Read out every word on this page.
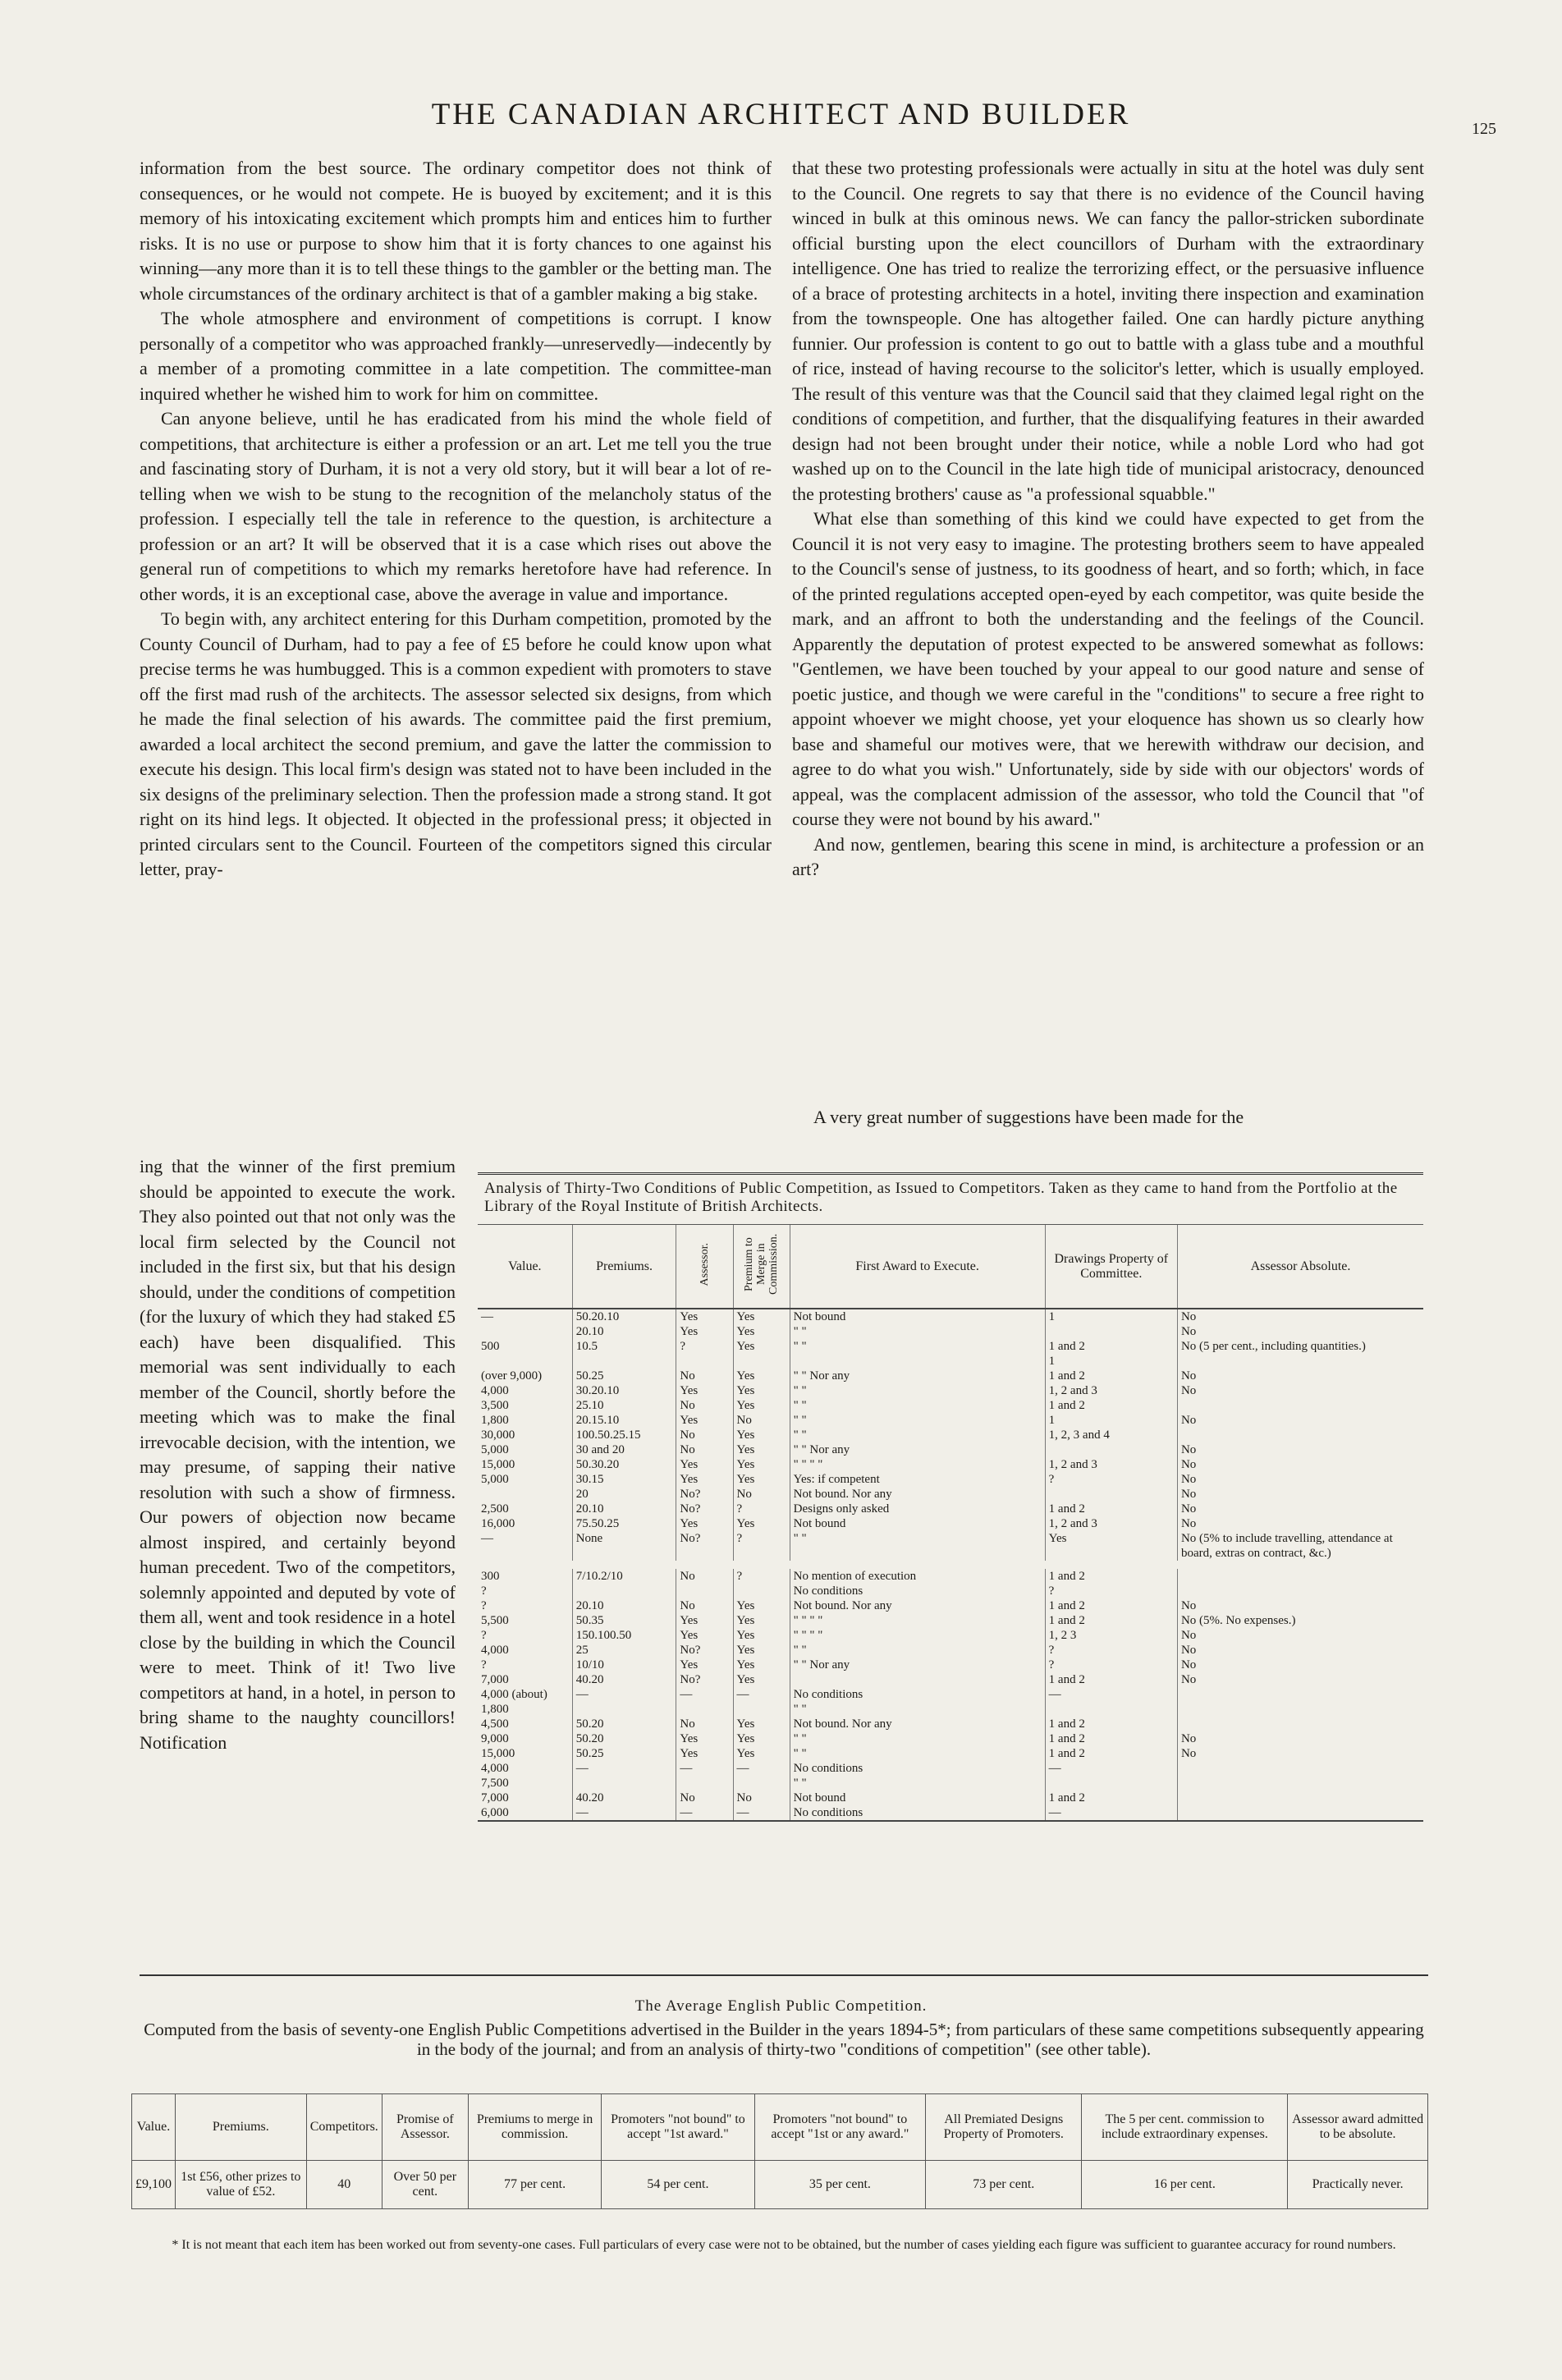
THE CANADIAN ARCHITECT AND BUILDER	125

information from the best source. The ordinary competitor does not think of consequences, or he would not compete. He is buoyed by excitement; and it is this memory of his intoxicating excitement which prompts him and entices him to further risks. It is no use or purpose to show him that it is forty chances to one against his winning—any more than it is to tell these things to the gambler or the betting man. The whole circumstances of the ordinary architect is that of a gambler making a big stake.

The whole atmosphere and environment of competitions is corrupt. I know personally of a competitor who was approached frankly—unreservedly—indecently by a member of a promoting committee in a late competition. The committee-man inquired whether he wished him to work for him on committee.

Can anyone believe, until he has eradicated from his mind the whole field of competitions, that architecture is either a profession or an art. Let me tell you the true and fascinating story of Durham, it is not a very old story, but it will bear a lot of re-telling when we wish to be stung to the recognition of the melancholy status of the profession. I especially tell the tale in reference to the question, is architecture a profession or an art? It will be observed that it is a case which rises out above the general run of competitions to which my remarks heretofore have had reference. In other words, it is an exceptional case, above the average in value and importance.

To begin with, any architect entering for this Durham competition, promoted by the County Council of Durham, had to pay a fee of £5 before he could know upon what precise terms he was humbugged. This is a common expedient with promoters to stave off the first mad rush of the architects. The assessor selected six designs, from which he made the final selection of his awards. The committee paid the first premium, awarded a local architect the second premium, and gave the latter the commission to execute his design. This local firm's design was stated not to have been included in the six designs of the preliminary selection. Then the profession made a strong stand. It got right on its hind legs. It objected. It objected in the professional press; it objected in printed circulars sent to the Council. Fourteen of the competitors signed this circular letter, pray-

ing that the winner of the first premium should be appointed to execute the work. They also pointed out that not only was the local firm selected by the Council not included in the first six, but that his design should, under the conditions of competition (for the luxury of which they had staked £5 each) have been disqualified. This memorial was sent individually to each member of the Council, shortly before the meeting which was to make the final irrevocable decision, with the intention, we may presume, of sapping their native resolution with such a show of firmness. Our powers of objection now became almost inspired, and certainly beyond human precedent. Two of the competitors, solemnly appointed and deputed by vote of them all, went and took residence in a hotel close by the building in which the Council were to meet. Think of it! Two live competitors at hand, in a hotel, in person to bring shame to the naughty councillors! Notification

that these two protesting professionals were actually in situ at the hotel was duly sent to the Council. One regrets to say that there is no evidence of the Council having winced in bulk at this ominous news. We can fancy the pallor-stricken subordinate official bursting upon the elect councillors of Durham with the extraordinary intelligence. One has tried to realize the terrorizing effect, or the persuasive influence of a brace of protesting architects in a hotel, inviting there inspection and examination from the townspeople. One has altogether failed. One can hardly picture anything funnier. Our profession is content to go out to battle with a glass tube and a mouthful of rice, instead of having recourse to the solicitor's letter, which is usually employed. The result of this venture was that the Council said that they claimed legal right on the conditions of competition, and further, that the disqualifying features in their awarded design had not been brought under their notice, while a noble Lord who had got washed up on to the Council in the late high tide of municipal aristocracy, denounced the protesting brothers' cause as "a professional squabble."

What else than something of this kind we could have expected to get from the Council it is not very easy to imagine. The protesting brothers seem to have appealed to the Council's sense of justness, to its goodness of heart, and so forth; which, in face of the printed regulations accepted open-eyed by each competitor, was quite beside the mark, and an affront to both the understanding and the feelings of the Council. Apparently the deputation of protest expected to be answered somewhat as follows: "Gentlemen, we have been touched by your appeal to our good nature and sense of poetic justice, and though we were careful in the "conditions" to secure a free right to appoint whoever we might choose, yet your eloquence has shown us so clearly how base and shameful our motives were, that we herewith withdraw our decision, and agree to do what you wish." Unfortunately, side by side with our objectors' words of appeal, was the complacent admission of the assessor, who told the Council that "of course they were not bound by his award."

And now, gentlemen, bearing this scene in mind, is architecture a profession or an art?

A very great number of suggestions have been made for the

Analysis of Thirty-Two Conditions of Public Competition, as Issued to Competitors. Taken as they came to hand from the Portfolio at the Library of the Royal Institute of British Architects.
Value.	Premiums.	Assessor.	Premium to Merge in Commission.	First Award to Execute.	Drawings Property of Committee.	Assessor Absolute.
—	50.20.10	Yes	Yes	Not bound	1	No
	20.10	Yes	Yes	" "		No
500	10.5	?	Yes	" "	1 and 2	No (5 per cent., including quantities.)
					1	
(over 9,000)	50.25	No	Yes	" " Nor any	1 and 2	No
4,000	30.20.10	Yes	Yes	" "	1, 2 and 3	No
3,500	25.10	No	Yes	" "	1 and 2	
1,800	20.15.10	Yes	No	" "	1	No
30,000	100.50.25.15	No	Yes	" "	1, 2, 3 and 4	
5,000	30 and 20	No	Yes	" " Nor any		No
15,000	50.30.20	Yes	Yes	" " " "	1, 2 and 3	No
5,000	30.15	Yes	Yes	Yes: if competent	?	No
	20	No?	No	Not bound. Nor any		No
2,500	20.10	No?	?	Designs only asked	1 and 2	No
16,000	75.50.25	Yes	Yes	Not bound	1, 2 and 3	No
—	None	No?	?	" "	Yes	No (5% to include travelling, attendance at board, extras on contract, &c.)

300	7/10.2/10	No	?	No mention of execution	1 and 2	
?				No conditions	?	
?	20.10	No	Yes	Not bound. Nor any	1 and 2	No
5,500	50.35	Yes	Yes	" " " "	1 and 2	No (5%. No expenses.)
?	150.100.50	Yes	Yes	" " " "	1, 2 3	No
4,000	25	No?	Yes	" "	?	No
?	10/10	Yes	Yes	" " Nor any	?	No
7,000	40.20	No?	Yes		1 and 2	No
4,000 (about)	—	—	—	No conditions	—	
1,800				" "		
4,500	50.20	No	Yes	Not bound. Nor any	1 and 2	
9,000	50.20	Yes	Yes	" "	1 and 2	No
15,000	50.25	Yes	Yes	" "	1 and 2	No
4,000	—	—	—	No conditions	—	
7,500				" "		
7,000	40.20	No	No	Not bound	1 and 2	
6,000	—	—	—	No conditions	—	

The Average English Public Competition.
Computed from the basis of seventy-one English Public Competitions advertised in the Builder in the years 1894-5*; from particulars of these same competitions subsequently appearing in the body of the journal; and from an analysis of thirty-two "conditions of competition" (see other table).
Value.	Premiums.	Competitors.	Promise of Assessor.	Premiums to merge in commission.	Promoters "not bound" to accept "1st award."	Promoters "not bound" to accept "1st or any award."	All Premiated Designs Property of Promoters.	The 5 per cent. commission to include extraordinary expenses.	Assessor award admitted to be absolute.
£9,100	1st £56, other prizes to value of £52.	40	Over 50 per cent.	77 per cent.	54 per cent.	35 per cent.	73 per cent.	16 per cent.	Practically never.
* It is not meant that each item has been worked out from seventy-one cases. Full particulars of every case were not to be obtained, but the number of cases yielding each figure was sufficient to guarantee accuracy for round numbers.
